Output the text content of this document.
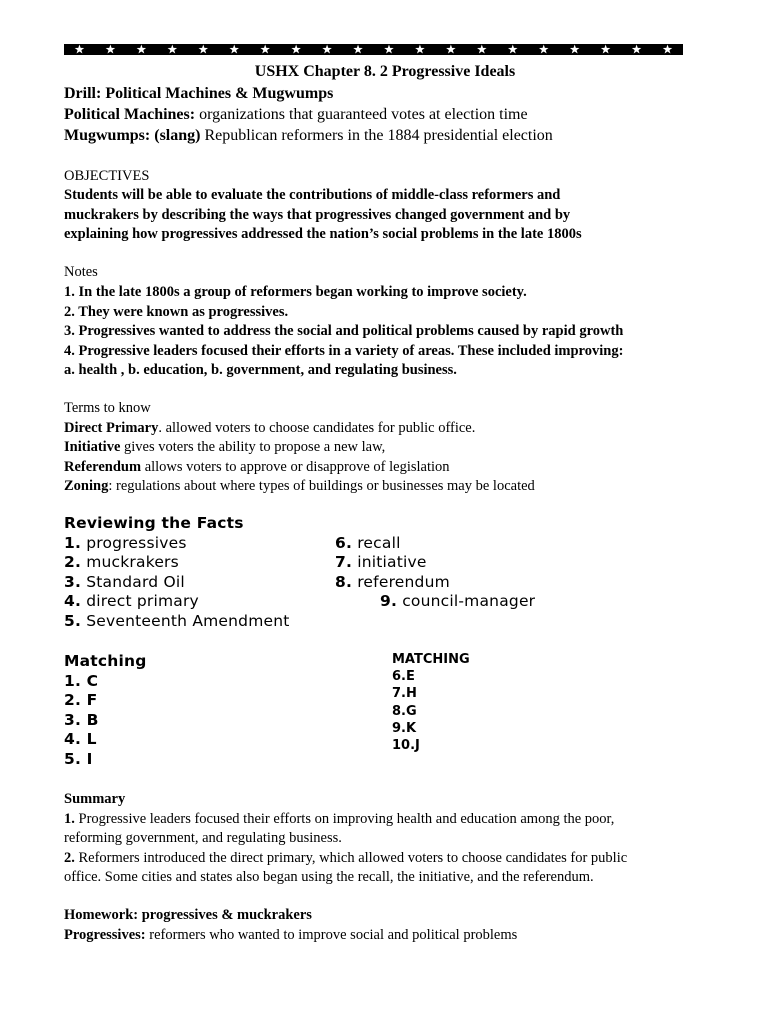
USHX Chapter 8. 2 Progressive Ideals
Drill: Political Machines & Mugwumps
Political Machines: organizations that guaranteed votes at election time
Mugwumps: (slang) Republican reformers in the 1884 presidential election
OBJECTIVES
Students will be able to evaluate the contributions of middle-class reformers and
muckrakers by describing the ways that progressives changed government and by
explaining how progressives addressed the nation’s social problems in the late 1800s
Notes
1. In the late 1800s a group of reformers began working to improve society.
2. They were known as progressives.
3. Progressives wanted to address the social and political problems caused by rapid growth
4. Progressive leaders focused their efforts in a variety of areas. These included improving:
a. health , b. education, b. government, and regulating business.
Terms to know
Direct Primary. allowed voters to choose candidates for public office.
Initiative gives voters the ability to propose a new law,
Referendum allows voters to approve or disapprove of legislation
Zoning: regulations about where types of buildings or businesses may be located
Reviewing the Facts
1. progressives
2. muckrakers
3. Standard Oil
4. direct primary
5. Seventeenth Amendment
6. recall
7. initiative
8. referendum
9. council-manager
Matching
1. C
2. F
3. B
4. L
5. I
MATCHING
6.E
7.H
8.G
9.K
10.J
Summary
1. Progressive leaders focused their efforts on improving health and education among the poor,
reforming government, and regulating business.
2. Reformers introduced the direct primary, which allowed voters to choose candidates for public
office. Some cities and states also began using the recall, the initiative, and the referendum.
Homework: progressives & muckrakers
Progressives: reformers who wanted to improve social and political problems
